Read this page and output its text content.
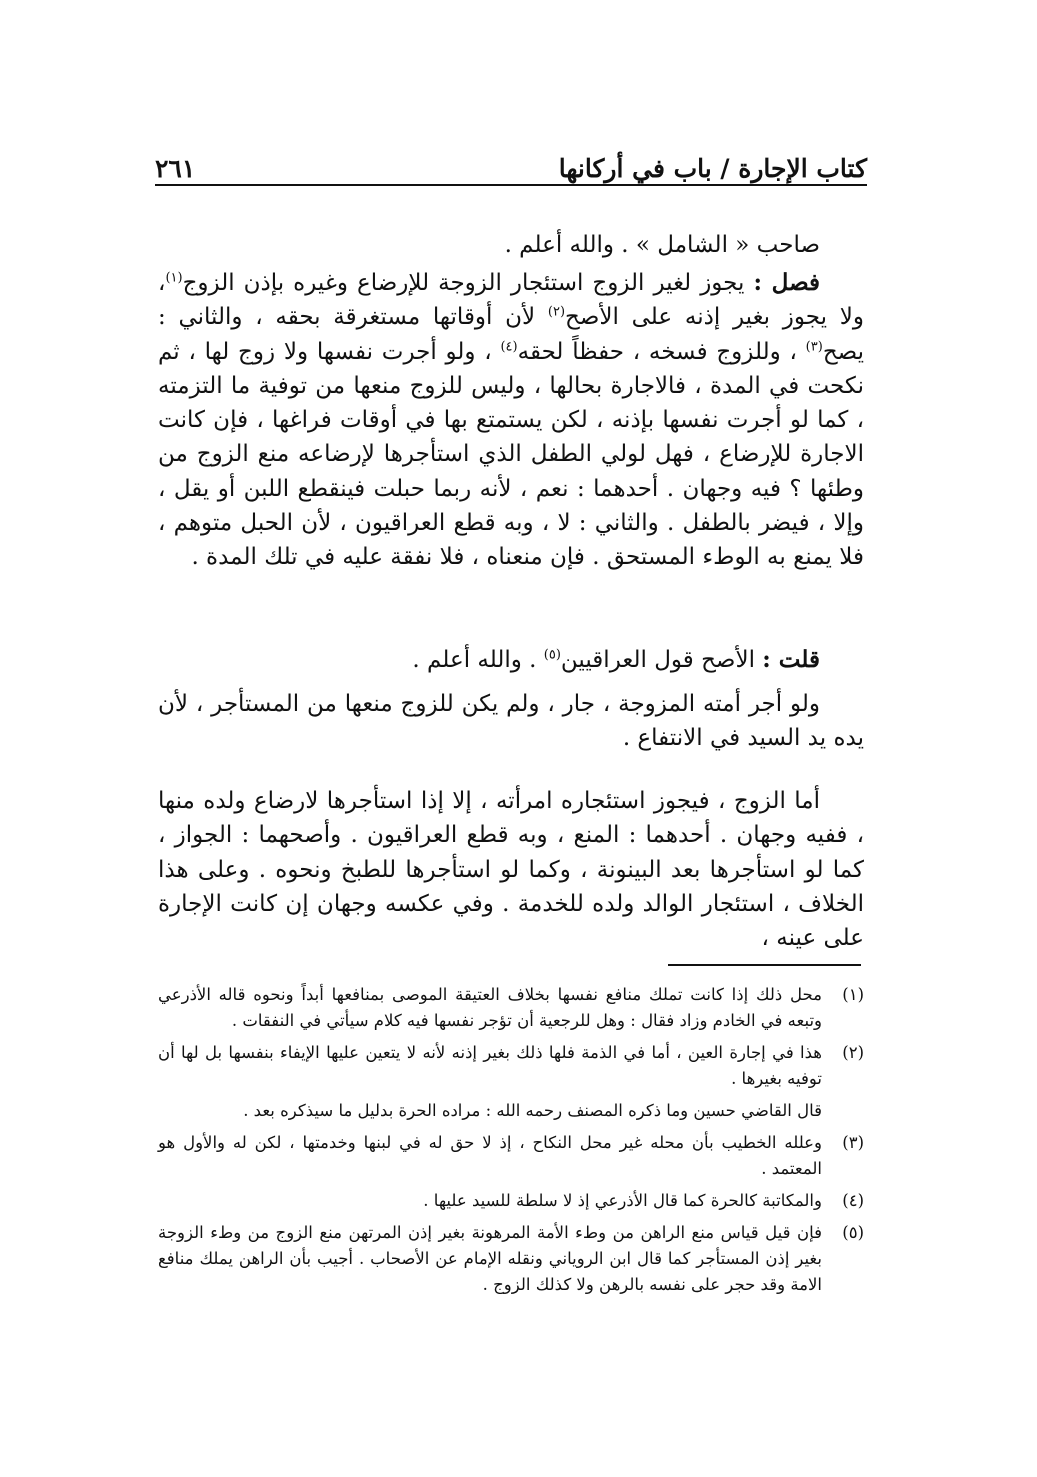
كتاب الإجارة / باب في أركانها
٢٦١

صاحب « الشامل » . والله أعلم .

فصل : يجوز لغير الزوج استئجار الزوجة للإرضاع وغيره بإذن الزوج$^{(١)}$، ولا يجوز بغير إذنه على الأصح$^{(٢)}$ لأن أوقاتها مستغرقة بحقه ، والثاني : يصح$^{(٣)}$ ، وللزوج فسخه ، حفظاً لحقه$^{(٤)}$ ، ولو أجرت نفسها ولا زوج لها ، ثم نكحت في المدة ، فالاجارة بحالها ، وليس للزوج منعها من توفية ما التزمته ، كما لو أجرت نفسها بإذنه ، لكن يستمتع بها في أوقات فراغها ، فإن كانت الاجارة للإرضاع ، فهل لولي الطفل الذي استأجرها لإرضاعه منع الزوج من وطئها ؟ فيه وجهان . أحدهما : نعم ، لأنه ربما حبلت فينقطع اللبن أو يقل ، وإلا ، فيضر بالطفل . والثاني : لا ، وبه قطع العراقيون ، لأن الحبل متوهم ، فلا يمنع به الوطء المستحق . فإن منعناه ، فلا نفقة عليه في تلك المدة .

قلت : الأصح قول العراقيين$^{(٥)}$ . والله أعلم .

ولو أجر أمته المزوجة ، جار ، ولم يكن للزوج منعها من المستأجر ، لأن يده يد السيد في الانتفاع .

أما الزوج ، فيجوز استئجاره امرأته ، إلا إذا استأجرها لارضاع ولده منها ، ففيه وجهان . أحدهما : المنع ، وبه قطع العراقيون . وأصحهما : الجواز ، كما لو استأجرها بعد البينونة ، وكما لو استأجرها للطبخ ونحوه . وعلى هذا الخلاف ، استئجار الوالد ولده للخدمة . وفي عكسه وجهان إن كانت الإجارة على عينه ،

(١)
محل ذلك إذا كانت تملك منافع نفسها بخلاف العتيقة الموصى بمنافعها أبداً ونحوه قاله الأذرعي وتبعه في الخادم وزاد فقال : وهل للرجعية أن تؤجر نفسها فيه كلام سيأتي في النفقات .
(٢)
هذا في إجارة العين ، أما في الذمة فلها ذلك بغير إذنه لأنه لا يتعين عليها الإيفاء بنفسها بل لها أن توفيه بغيرها .
قال القاضي حسين وما ذكره المصنف رحمه الله : مراده الحرة بدليل ما سيذكره بعد .
(٣)
وعلله الخطيب بأن محله غير محل النكاح ، إذ لا حق له في لبنها وخدمتها ، لكن له والأول هو المعتمد .
(٤)
والمكاتبة كالحرة كما قال الأذرعي إذ لا سلطة للسيد عليها .
(٥)
فإن قيل قياس منع الراهن من وطء الأمة المرهونة بغير إذن المرتهن منع الزوج من وطء الزوجة بغير إذن المستأجر كما قال ابن الروياني ونقله الإمام عن الأصحاب . أجيب بأن الراهن يملك منافع الامة وقد حجر على نفسه بالرهن ولا كذلك الزوج .
